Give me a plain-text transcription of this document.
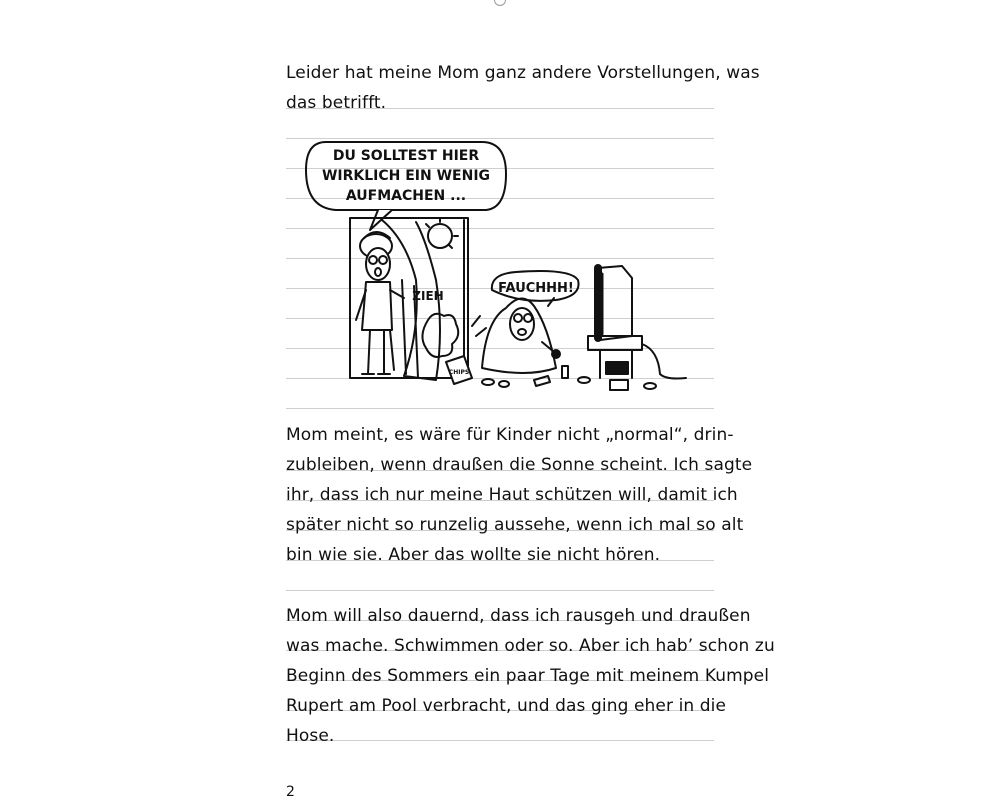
Leider hat meine Mom ganz andere Vorstellungen, was
das betrifft.
DU SOLLTEST HIER
WIRKLICH EIN WENIG
AUFMACHEN ...
ZIEH	FAUCHHH!
CHIPS
Mom meint, es wäre für Kinder nicht „normal“, drin-
zubleiben, wenn draußen die Sonne scheint. Ich sagte
ihr, dass ich nur meine Haut schützen will, damit ich
später nicht so runzelig aussehe, wenn ich mal so alt
bin wie sie. Aber das wollte sie nicht hören.
Mom will also dauernd, dass ich rausgeh und draußen
was mache. Schwimmen oder so. Aber ich hab’ schon zu
Beginn des Sommers ein paar Tage mit meinem Kumpel
Rupert am Pool verbracht, und das ging eher in die
Hose.
2
